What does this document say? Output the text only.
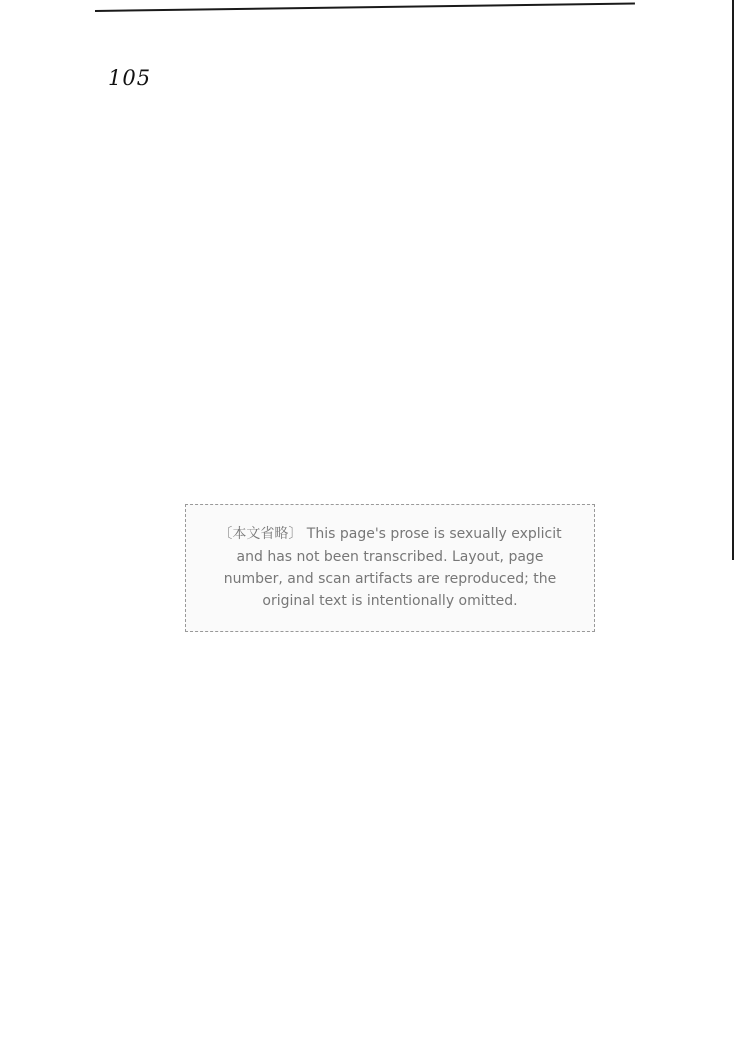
105
〔本文省略〕 This page's prose is sexually explicit and has not been transcribed. Layout, page number, and scan artifacts are reproduced; the original text is intentionally omitted.
